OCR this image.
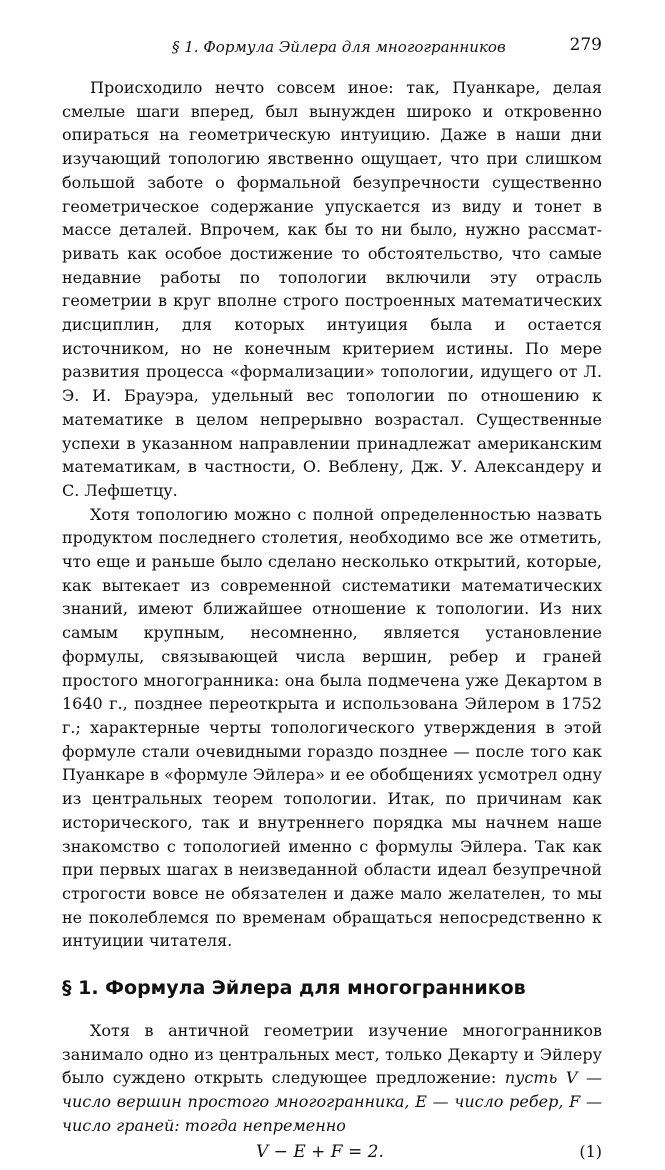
§ 1. Формула Эйлера для многогранников	279

Происходило нечто совсем иное: так, Пуанкаре, делая смелые шаги вперед, был вынужден широко и откровенно опираться на геометрическую интуицию. Даже в наши дни изучающий топологию явственно ощущает, что при слишком большой заботе о формальной безупречности существенно геометрическое содержание упускается из виду и тонет в массе деталей. Впрочем, как бы то ни было, нужно рассматривать как особое достижение то обстоятельство, что самые недавние работы по топологии включили эту отрасль геометрии в круг вполне строго построенных математических дисциплин, для которых интуиция была и остается источником, но не конечным критерием истины. По мере развития процесса «формализации» топологии, идущего от Л. Э. И. Брауэра, удельный вес топологии по отношению к математике в целом непрерывно возрастал. Существенные успехи в указанном направлении принадлежат американским математикам, в частности, О. Веблену, Дж. У. Александеру и С. Лефшетцу.

Хотя топологию можно с полной определенностью назвать продуктом последнего столетия, необходимо все же отметить, что еще и раньше было сделано несколько открытий, которые, как вытекает из современной систематики математических знаний, имеют ближайшее отношение к топологии. Из них самым крупным, несомненно, является установление формулы, связывающей числа вершин, ребер и граней простого многогранника: она была подмечена уже Декартом в 1640 г., позднее переоткрыта и использована Эйлером в 1752 г.; характерные черты топологического утверждения в этой формуле стали очевидными гораздо позднее — после того как Пуанкаре в «формуле Эйлера» и ее обобщениях усмотрел одну из центральных теорем топологии. Итак, по причинам как исторического, так и внутреннего порядка мы начнем наше знакомство с топологией именно с формулы Эйлера. Так как при первых шагах в неизведанной области идеал безупречной строгости вовсе не обязателен и даже мало желателен, то мы не поколеблемся по временам обращаться непосредственно к интуиции читателя.

§ 1. Формула Эйлера для многогранников

Хотя в античной геометрии изучение многогранников занимало одно из центральных мест, только Декарту и Эйлеру было суждено открыть следующее предложение: пусть V — число вершин простого многогранника, E — число ребер, F — число граней: тогда непременно

V − E + F = 2.	(1)
